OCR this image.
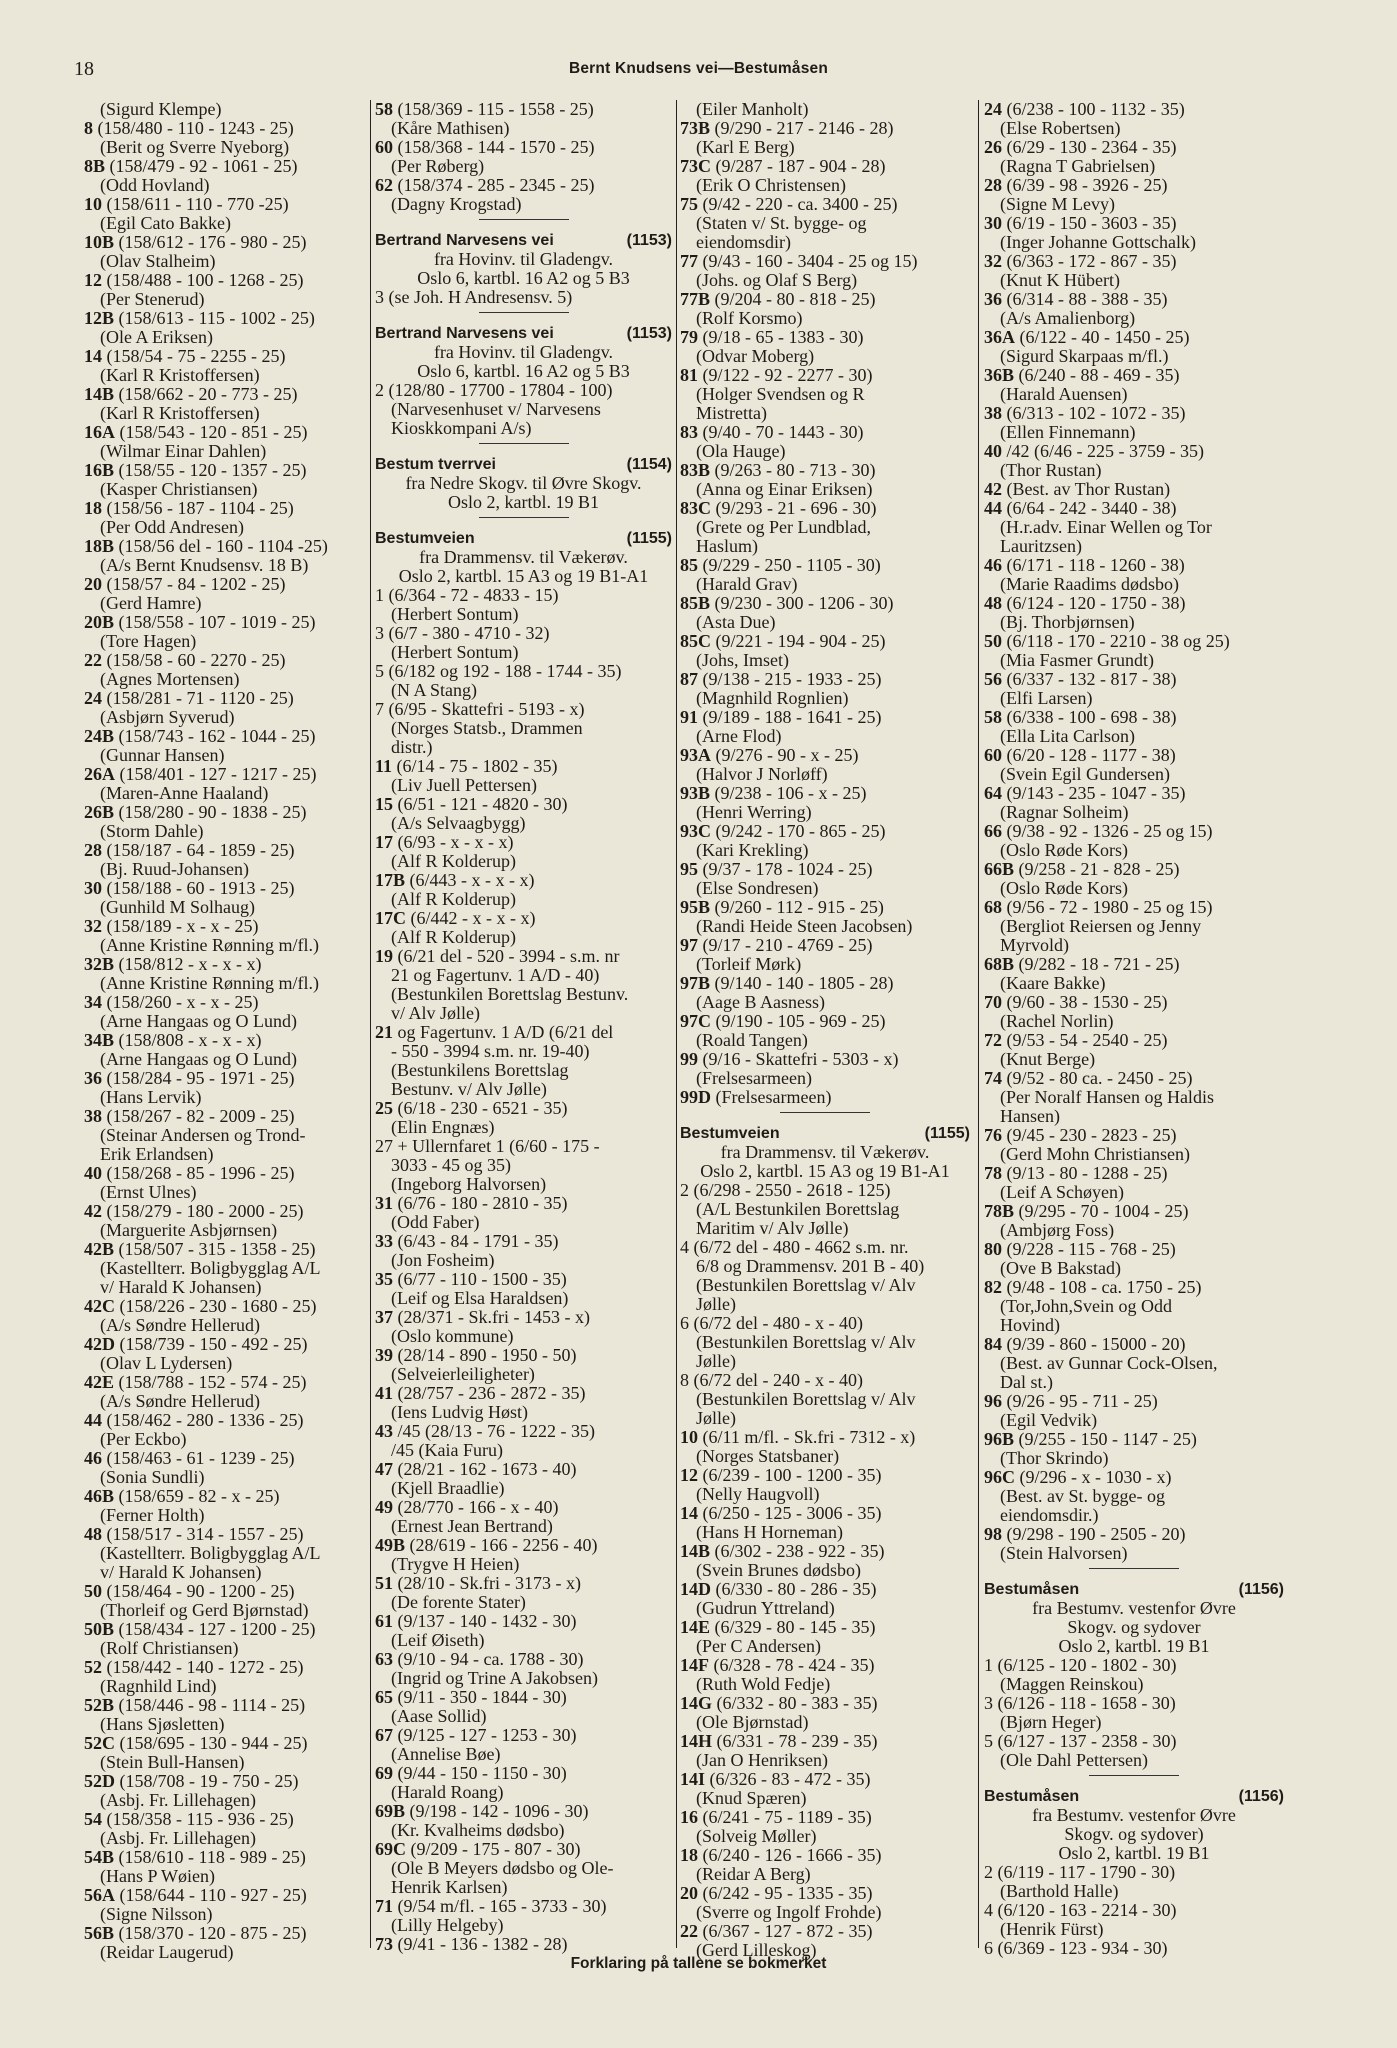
18	Bernt Knudsens vei—Bestumåsen
(Sigurd Klempe)
8 (158/480 - 110 - 1243 - 25)
(Berit og Sverre Nyeborg)
8B (158/479 - 92 - 1061 - 25)
(Odd Hovland)
10 (158/611 - 110 - 770 -25)
(Egil Cato Bakke)
10B (158/612 - 176 - 980 - 25)
(Olav Stalheim)
12 (158/488 - 100 - 1268 - 25)
(Per Stenerud)
12B (158/613 - 115 - 1002 - 25)
(Ole A Eriksen)
14 (158/54 - 75 - 2255 - 25)
(Karl R Kristoffersen)
14B (158/662 - 20 - 773 - 25)
(Karl R Kristoffersen)
16A (158/543 - 120 - 851 - 25)
(Wilmar Einar Dahlen)
16B (158/55 - 120 - 1357 - 25)
(Kasper Christiansen)
18 (158/56 - 187 - 1104 - 25)
(Per Odd Andresen)
18B (158/56 del - 160 - 1104 -25)
(A/s Bernt Knudsensv. 18 B)
20 (158/57 - 84 - 1202 - 25)
(Gerd Hamre)
20B (158/558 - 107 - 1019 - 25)
(Tore Hagen)
22 (158/58 - 60 - 2270 - 25)
(Agnes Mortensen)
24 (158/281 - 71 - 1120 - 25)
(Asbjørn Syverud)
24B (158/743 - 162 - 1044 - 25)
(Gunnar Hansen)
26A (158/401 - 127 - 1217 - 25)
(Maren-Anne Haaland)
26B (158/280 - 90 - 1838 - 25)
(Storm Dahle)
28 (158/187 - 64 - 1859 - 25)
(Bj. Ruud-Johansen)
30 (158/188 - 60 - 1913 - 25)
(Gunhild M Solhaug)
32 (158/189 - x - x - 25)
(Anne Kristine Rønning m/fl.)
32B (158/812 - x - x - x)
(Anne Kristine Rønning m/fl.)
34 (158/260 - x - x - 25)
(Arne Hangaas og O Lund)
34B (158/808 - x - x - x)
(Arne Hangaas og O Lund)
36 (158/284 - 95 - 1971 - 25)
(Hans Lervik)
38 (158/267 - 82 - 2009 - 25)
(Steinar Andersen og Trond-
Erik Erlandsen)
40 (158/268 - 85 - 1996 - 25)
(Ernst Ulnes)
42 (158/279 - 180 - 2000 - 25)
(Marguerite Asbjørnsen)
42B (158/507 - 315 - 1358 - 25)
(Kastellterr. Boligbygglag A/L
v/ Harald K Johansen)
42C (158/226 - 230 - 1680 - 25)
(A/s Søndre Hellerud)
42D (158/739 - 150 - 492 - 25)
(Olav L Lydersen)
42E (158/788 - 152 - 574 - 25)
(A/s Søndre Hellerud)
44 (158/462 - 280 - 1336 - 25)
(Per Eckbo)
46 (158/463 - 61 - 1239 - 25)
(Sonia Sundli)
46B (158/659 - 82 - x - 25)
(Ferner Holth)
48 (158/517 - 314 - 1557 - 25)
(Kastellterr. Boligbygglag A/L
v/ Harald K Johansen)
50 (158/464 - 90 - 1200 - 25)
(Thorleif og Gerd Bjørnstad)
50B (158/434 - 127 - 1200 - 25)
(Rolf Christiansen)
52 (158/442 - 140 - 1272 - 25)
(Ragnhild Lind)
52B (158/446 - 98 - 1114 - 25)
(Hans Sjøsletten)
52C (158/695 - 130 - 944 - 25)
(Stein Bull-Hansen)
52D (158/708 - 19 - 750 - 25)
(Asbj. Fr. Lillehagen)
54 (158/358 - 115 - 936 - 25)
(Asbj. Fr. Lillehagen)
54B (158/610 - 118 - 989 - 25)
(Hans P Wøien)
56A (158/644 - 110 - 927 - 25)
(Signe Nilsson)
56B (158/370 - 120 - 875 - 25)
(Reidar Laugerud)
58 (158/369 - 115 - 1558 - 25)
(Kåre Mathisen)
60 (158/368 - 144 - 1570 - 25)
(Per Røberg)
62 (158/374 - 285 - 2345 - 25)
(Dagny Krogstad)
Bertrand Narvesens vei	(1153)
fra Hovinv. til Gladengv.
Oslo 6, kartbl. 16 A2 og 5 B3
3 (se Joh. H Andresensv. 5)
Bertrand Narvesens vei	(1153)
fra Hovinv. til Gladengv.
Oslo 6, kartbl. 16 A2 og 5 B3
2 (128/80 - 17700 - 17804 - 100)
(Narvesenhuset v/ Narvesens
Kioskkompani A/s)
Bestum tverrvei	(1154)
fra Nedre Skogv. til Øvre Skogv.
Oslo 2, kartbl. 19 B1
Bestumveien	(1155)
fra Drammensv. til Vækerøv.
Oslo 2, kartbl. 15 A3 og 19 B1-A1
1 (6/364 - 72 - 4833 - 15)
(Herbert Sontum)
3 (6/7 - 380 - 4710 - 32)
(Herbert Sontum)
5 (6/182 og 192 - 188 - 1744 - 35)
(N A Stang)
7 (6/95 - Skattefri - 5193 - x)
(Norges Statsb., Drammen
distr.)
11 (6/14 - 75 - 1802 - 35)
(Liv Juell Pettersen)
15 (6/51 - 121 - 4820 - 30)
(A/s Selvaagbygg)
17 (6/93 - x - x - x)
(Alf R Kolderup)
17B (6/443 - x - x - x)
(Alf R Kolderup)
17C (6/442 - x - x - x)
(Alf R Kolderup)
19 (6/21 del - 520 - 3994 - s.m. nr
21 og Fagertunv. 1 A/D - 40)
(Bestunkilen Borettslag Bestunv.
v/ Alv Jølle)
21 og Fagertunv. 1 A/D (6/21 del
- 550 - 3994 s.m. nr. 19-40)
(Bestunkilens Borettslag
Bestunv. v/ Alv Jølle)
25 (6/18 - 230 - 6521 - 35)
(Elin Engnæs)
27 + Ullernfaret 1 (6/60 - 175 -
3033 - 45 og 35)
(Ingeborg Halvorsen)
31 (6/76 - 180 - 2810 - 35)
(Odd Faber)
33 (6/43 - 84 - 1791 - 35)
(Jon Fosheim)
35 (6/77 - 110 - 1500 - 35)
(Leif og Elsa Haraldsen)
37 (28/371 - Sk.fri - 1453 - x)
(Oslo kommune)
39 (28/14 - 890 - 1950 - 50)
(Selveierleiligheter)
41 (28/757 - 236 - 2872 - 35)
(Iens Ludvig Høst)
43 /45 (28/13 - 76 - 1222 - 35)
/45 (Kaia Furu)
47 (28/21 - 162 - 1673 - 40)
(Kjell Braadlie)
49 (28/770 - 166 - x - 40)
(Ernest Jean Bertrand)
49B (28/619 - 166 - 2256 - 40)
(Trygve H Heien)
51 (28/10 - Sk.fri - 3173 - x)
(De forente Stater)
61 (9/137 - 140 - 1432 - 30)
(Leif Øiseth)
63 (9/10 - 94 - ca. 1788 - 30)
(Ingrid og Trine A Jakobsen)
65 (9/11 - 350 - 1844 - 30)
(Aase Sollid)
67 (9/125 - 127 - 1253 - 30)
(Annelise Bøe)
69 (9/44 - 150 - 1150 - 30)
(Harald Roang)
69B (9/198 - 142 - 1096 - 30)
(Kr. Kvalheims dødsbo)
69C (9/209 - 175 - 807 - 30)
(Ole B Meyers dødsbo og Ole-
Henrik Karlsen)
71 (9/54 m/fl. - 165 - 3733 - 30)
(Lilly Helgeby)
73 (9/41 - 136 - 1382 - 28)
(Eiler Manholt)
73B (9/290 - 217 - 2146 - 28)
(Karl E Berg)
73C (9/287 - 187 - 904 - 28)
(Erik O Christensen)
75 (9/42 - 220 - ca. 3400 - 25)
(Staten v/ St. bygge- og
eiendomsdir)
77 (9/43 - 160 - 3404 - 25 og 15)
(Johs. og Olaf S Berg)
77B (9/204 - 80 - 818 - 25)
(Rolf Korsmo)
79 (9/18 - 65 - 1383 - 30)
(Odvar Moberg)
81 (9/122 - 92 - 2277 - 30)
(Holger Svendsen og R
Mistretta)
83 (9/40 - 70 - 1443 - 30)
(Ola Hauge)
83B (9/263 - 80 - 713 - 30)
(Anna og Einar Eriksen)
83C (9/293 - 21 - 696 - 30)
(Grete og Per Lundblad,
Haslum)
85 (9/229 - 250 - 1105 - 30)
(Harald Grav)
85B (9/230 - 300 - 1206 - 30)
(Asta Due)
85C (9/221 - 194 - 904 - 25)
(Johs, Imset)
87 (9/138 - 215 - 1933 - 25)
(Magnhild Rognlien)
91 (9/189 - 188 - 1641 - 25)
(Arne Flod)
93A (9/276 - 90 - x - 25)
(Halvor J Norløff)
93B (9/238 - 106 - x - 25)
(Henri Werring)
93C (9/242 - 170 - 865 - 25)
(Kari Krekling)
95 (9/37 - 178 - 1024 - 25)
(Else Sondresen)
95B (9/260 - 112 - 915 - 25)
(Randi Heide Steen Jacobsen)
97 (9/17 - 210 - 4769 - 25)
(Torleif Mørk)
97B (9/140 - 140 - 1805 - 28)
(Aage B Aasness)
97C (9/190 - 105 - 969 - 25)
(Roald Tangen)
99 (9/16 - Skattefri - 5303 - x)
(Frelsesarmeen)
99D (Frelsesarmeen)
Bestumveien	(1155)
fra Drammensv. til Vækerøv.
Oslo 2, kartbl. 15 A3 og 19 B1-A1
2 (6/298 - 2550 - 2618 - 125)
(A/L Bestunkilen Borettslag
Maritim v/ Alv Jølle)
4 (6/72 del - 480 - 4662 s.m. nr.
6/8 og Drammensv. 201 B - 40)
(Bestunkilen Borettslag v/ Alv
Jølle)
6 (6/72 del - 480 - x - 40)
(Bestunkilen Borettslag v/ Alv
Jølle)
8 (6/72 del - 240 - x - 40)
(Bestunkilen Borettslag v/ Alv
Jølle)
10 (6/11 m/fl. - Sk.fri - 7312 - x)
(Norges Statsbaner)
12 (6/239 - 100 - 1200 - 35)
(Nelly Haugvoll)
14 (6/250 - 125 - 3006 - 35)
(Hans H Horneman)
14B (6/302 - 238 - 922 - 35)
(Svein Brunes dødsbo)
14D (6/330 - 80 - 286 - 35)
(Gudrun Yttreland)
14E (6/329 - 80 - 145 - 35)
(Per C Andersen)
14F (6/328 - 78 - 424 - 35)
(Ruth Wold Fedje)
14G (6/332 - 80 - 383 - 35)
(Ole Bjørnstad)
14H (6/331 - 78 - 239 - 35)
(Jan O Henriksen)
14I (6/326 - 83 - 472 - 35)
(Knud Spæren)
16 (6/241 - 75 - 1189 - 35)
(Solveig Møller)
18 (6/240 - 126 - 1666 - 35)
(Reidar A Berg)
20 (6/242 - 95 - 1335 - 35)
(Sverre og Ingolf Frohde)
22 (6/367 - 127 - 872 - 35)
(Gerd Lilleskog)
24 (6/238 - 100 - 1132 - 35)
(Else Robertsen)
26 (6/29 - 130 - 2364 - 35)
(Ragna T Gabrielsen)
28 (6/39 - 98 - 3926 - 25)
(Signe M Levy)
30 (6/19 - 150 - 3603 - 35)
(Inger Johanne Gottschalk)
32 (6/363 - 172 - 867 - 35)
(Knut K Hübert)
36 (6/314 - 88 - 388 - 35)
(A/s Amalienborg)
36A (6/122 - 40 - 1450 - 25)
(Sigurd Skarpaas m/fl.)
36B (6/240 - 88 - 469 - 35)
(Harald Auensen)
38 (6/313 - 102 - 1072 - 35)
(Ellen Finnemann)
40 /42 (6/46 - 225 - 3759 - 35)
(Thor Rustan)
42 (Best. av Thor Rustan)
44 (6/64 - 242 - 3440 - 38)
(H.r.adv. Einar Wellen og Tor
Lauritzsen)
46 (6/171 - 118 - 1260 - 38)
(Marie Raadims dødsbo)
48 (6/124 - 120 - 1750 - 38)
(Bj. Thorbjørnsen)
50 (6/118 - 170 - 2210 - 38 og 25)
(Mia Fasmer Grundt)
56 (6/337 - 132 - 817 - 38)
(Elfi Larsen)
58 (6/338 - 100 - 698 - 38)
(Ella Lita Carlson)
60 (6/20 - 128 - 1177 - 38)
(Svein Egil Gundersen)
64 (9/143 - 235 - 1047 - 35)
(Ragnar Solheim)
66 (9/38 - 92 - 1326 - 25 og 15)
(Oslo Røde Kors)
66B (9/258 - 21 - 828 - 25)
(Oslo Røde Kors)
68 (9/56 - 72 - 1980 - 25 og 15)
(Bergliot Reiersen og Jenny
Myrvold)
68B (9/282 - 18 - 721 - 25)
(Kaare Bakke)
70 (9/60 - 38 - 1530 - 25)
(Rachel Norlin)
72 (9/53 - 54 - 2540 - 25)
(Knut Berge)
74 (9/52 - 80 ca. - 2450 - 25)
(Per Noralf Hansen og Haldis
Hansen)
76 (9/45 - 230 - 2823 - 25)
(Gerd Mohn Christiansen)
78 (9/13 - 80 - 1288 - 25)
(Leif A Schøyen)
78B (9/295 - 70 - 1004 - 25)
(Ambjørg Foss)
80 (9/228 - 115 - 768 - 25)
(Ove B Bakstad)
82 (9/48 - 108 - ca. 1750 - 25)
(Tor,John,Svein og Odd
Hovind)
84 (9/39 - 860 - 15000 - 20)
(Best. av Gunnar Cock-Olsen,
Dal st.)
96 (9/26 - 95 - 711 - 25)
(Egil Vedvik)
96B (9/255 - 150 - 1147 - 25)
(Thor Skrindo)
96C (9/296 - x - 1030 - x)
(Best. av St. bygge- og
eiendomsdir.)
98 (9/298 - 190 - 2505 - 20)
(Stein Halvorsen)
Bestumåsen	(1156)
fra Bestumv. vestenfor Øvre
Skogv. og sydover
Oslo 2, kartbl. 19 B1
1 (6/125 - 120 - 1802 - 30)
(Maggen Reinskou)
3 (6/126 - 118 - 1658 - 30)
(Bjørn Heger)
5 (6/127 - 137 - 2358 - 30)
(Ole Dahl Pettersen)
Bestumåsen	(1156)
fra Bestumv. vestenfor Øvre
Skogv. og sydover)
Oslo 2, kartbl. 19 B1
2 (6/119 - 117 - 1790 - 30)
(Barthold Halle)
4 (6/120 - 163 - 2214 - 30)
(Henrik Fürst)
6 (6/369 - 123 - 934 - 30)
Forklaring på tallene se bokmerket
